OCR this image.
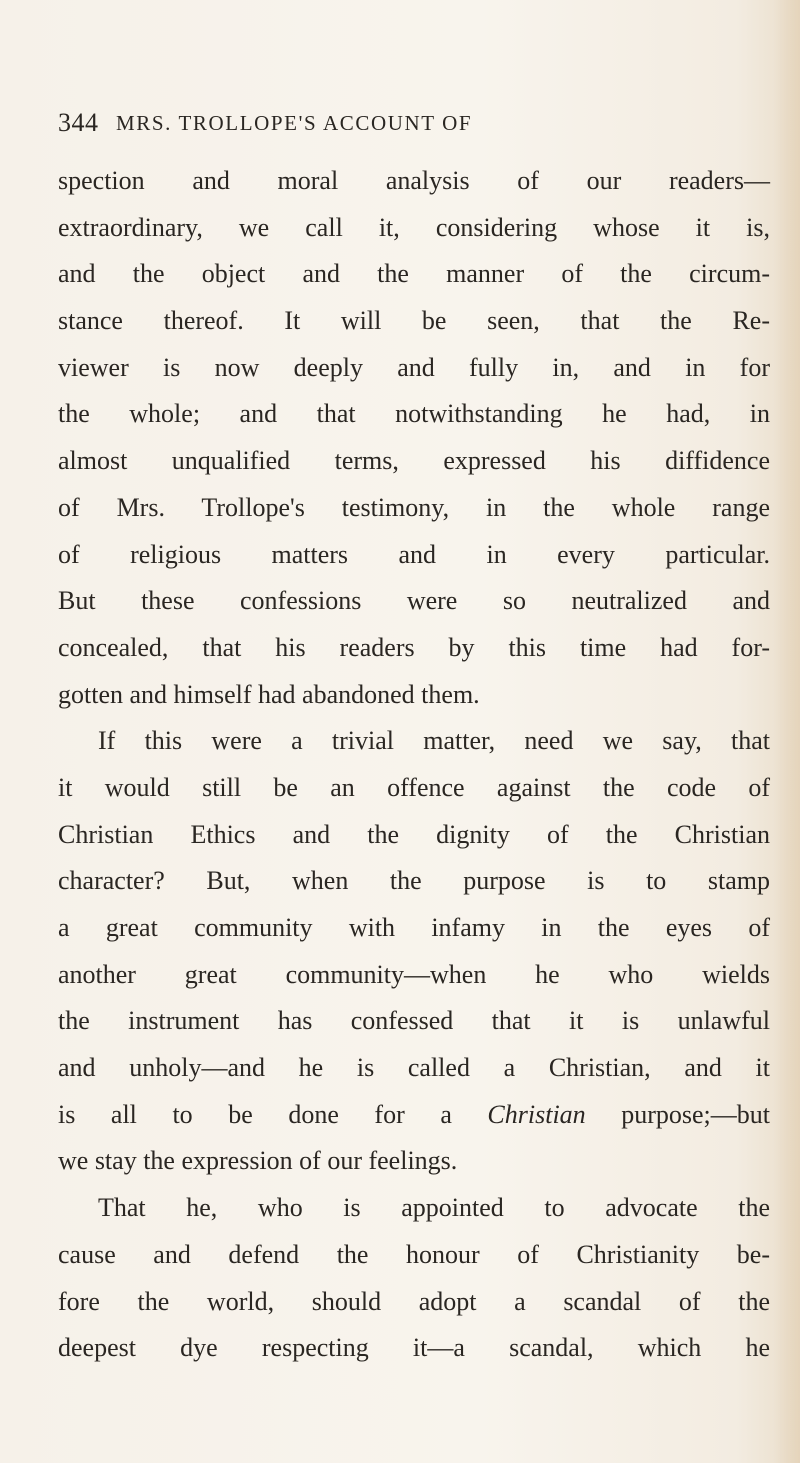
344 MRS. TROLLOPE'S ACCOUNT OF
spection and moral analysis of our readers—
extraordinary, we call it, considering whose it is,
and the object and the manner of the circum-
stance thereof. It will be seen, that the Re-
viewer is now deeply and fully in, and in for
the whole; and that notwithstanding he had, in
almost unqualified terms, expressed his diffidence
of Mrs. Trollope's testimony, in the whole range
of religious matters and in every particular.
But these confessions were so neutralized and
concealed, that his readers by this time had for-
gotten and himself had abandoned them.
If this were a trivial matter, need we say, that
it would still be an offence against the code of
Christian Ethics and the dignity of the Christian
character? But, when the purpose is to stamp
a great community with infamy in the eyes of
another great community—when he who wields
the instrument has confessed that it is unlawful
and unholy—and he is called a Christian, and it
is all to be done for a Christian purpose;—but
we stay the expression of our feelings.
That he, who is appointed to advocate the
cause and defend the honour of Christianity be-
fore the world, should adopt a scandal of the
deepest dye respecting it—a scandal, which he
